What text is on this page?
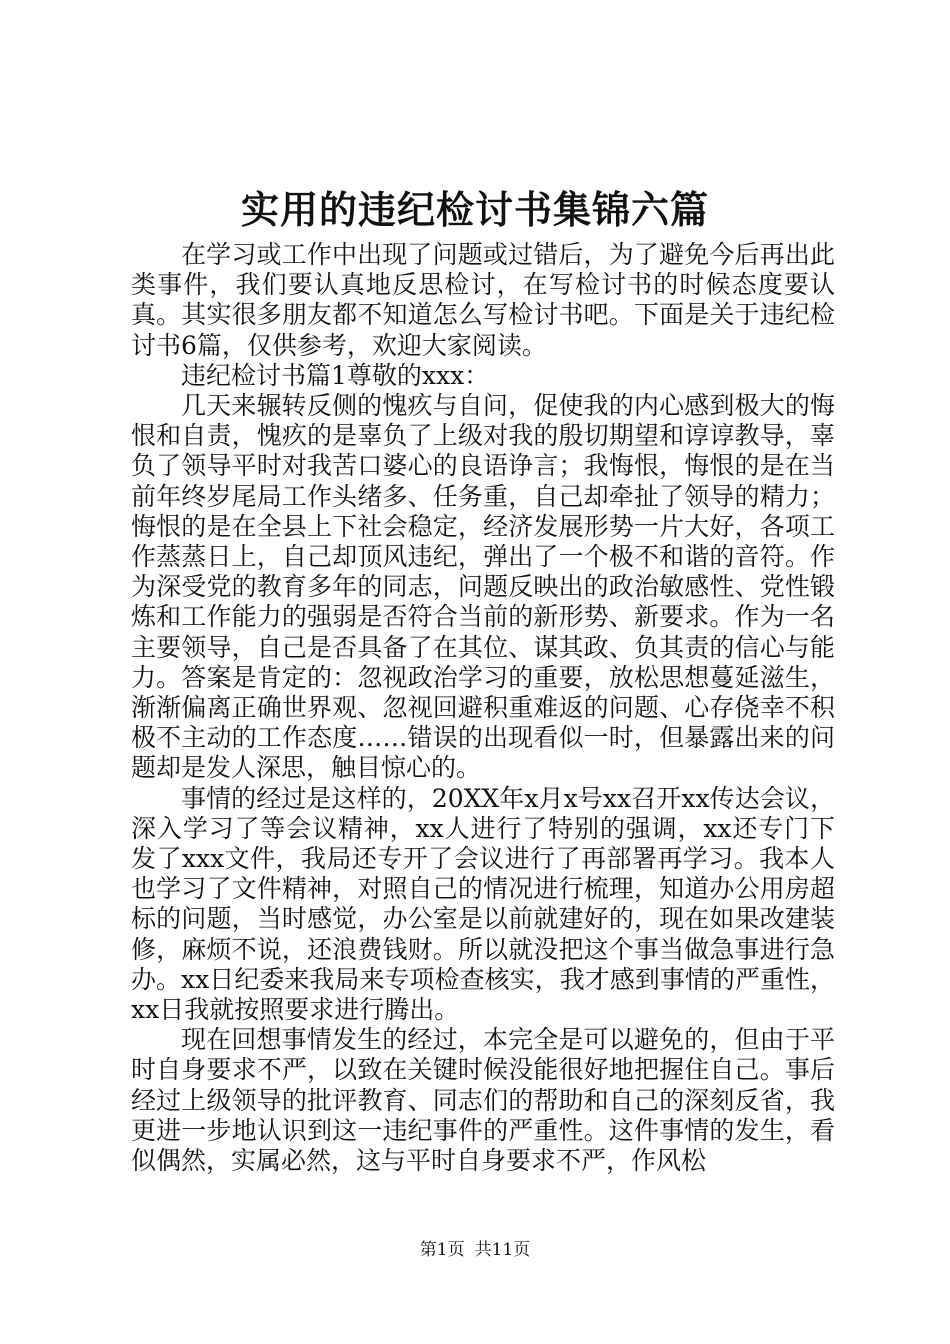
实用的违纪检讨书集锦六篇

在学习或工作中出现了问题或过错后，为了避免今后再出此类事件，我们要认真地反思检讨，在写检讨书的时候态度要认真。其实很多朋友都不知道怎么写检讨书吧。下面是关于违纪检讨书6篇，仅供参考，欢迎大家阅读。

违纪检讨书篇1尊敬的xxx：

几天来辗转反侧的愧疚与自问，促使我的内心感到极大的悔恨和自责，愧疚的是辜负了上级对我的殷切期望和谆谆教导，辜负了领导平时对我苦口婆心的良语诤言；我悔恨，悔恨的是在当前年终岁尾局工作头绪多、任务重，自己却牵扯了领导的精力；悔恨的是在全县上下社会稳定，经济发展形势一片大好，各项工作蒸蒸日上，自己却顶风违纪，弹出了一个极不和谐的音符。作为深受党的教育多年的同志，问题反映出的政治敏感性、党性锻炼和工作能力的强弱是否符合当前的新形势、新要求。作为一名主要领导，自己是否具备了在其位、谋其政、负其责的信心与能力。答案是肯定的：忽视政治学习的重要，放松思想蔓延滋生，渐渐偏离正确世界观、忽视回避积重难返的问题、心存侥幸不积极不主动的工作态度……错误的出现看似一时，但暴露出来的问题却是发人深思，触目惊心的。

事情的经过是这样的，20XX年x月x号xx召开xx传达会议，深入学习了等会议精神，xx人进行了特别的强调，xx还专门下发了xxx文件，我局还专开了会议进行了再部署再学习。我本人也学习了文件精神，对照自己的情况进行梳理，知道办公用房超标的问题，当时感觉，办公室是以前就建好的，现在如果改建装修，麻烦不说，还浪费钱财。所以就没把这个事当做急事进行急办。xx日纪委来我局来专项检查核实，我才感到事情的严重性，xx日我就按照要求进行腾出。

现在回想事情发生的经过，本完全是可以避免的，但由于平时自身要求不严，以致在关键时候没能很好地把握住自己。事后经过上级领导的批评教育、同志们的帮助和自己的深刻反省，我更进一步地认识到这一违纪事件的严重性。这件事情的发生，看似偶然，实属必然，这与平时自身要求不严，作风松

第1页 共11页
